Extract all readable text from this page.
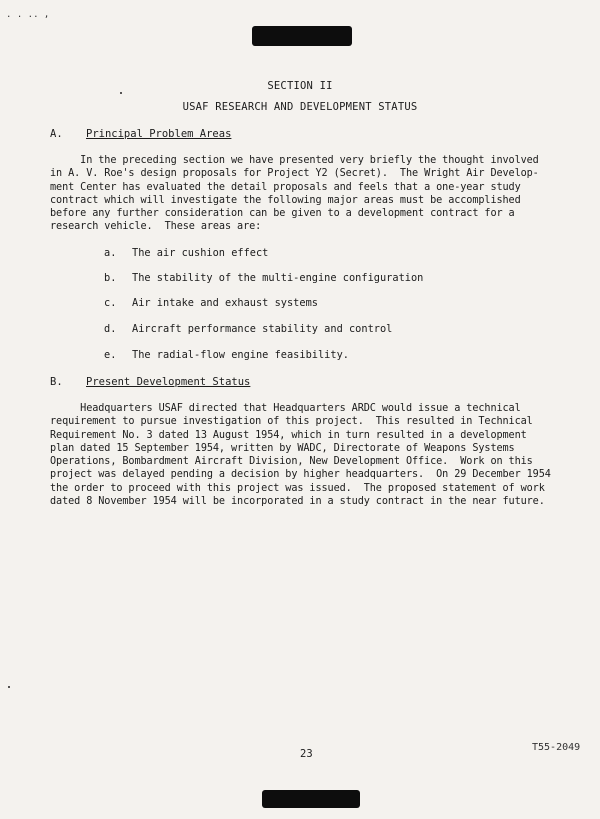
. . .. ,
SECTION II
USAF RESEARCH AND DEVELOPMENT STATUS
A. Principal Problem Areas
In the preceding section we have presented very briefly the thought involved
in A. V. Roe's design proposals for Project Y2 (Secret).  The Wright Air Develop-
ment Center has evaluated the detail proposals and feels that a one-year study
contract which will investigate the following major areas must be accomplished
before any further consideration can be given to a development contract for a
research vehicle.  These areas are:
a. The air cushion effect
b. The stability of the multi-engine configuration
c. Air intake and exhaust systems
d. Aircraft performance stability and control
e. The radial-flow engine feasibility.
B. Present Development Status
Headquarters USAF directed that Headquarters ARDC would issue a technical
requirement to pursue investigation of this project.  This resulted in Technical
Requirement No. 3 dated 13 August 1954, which in turn resulted in a development
plan dated 15 September 1954, written by WADC, Directorate of Weapons Systems
Operations, Bombardment Aircraft Division, New Development Office.  Work on this
project was delayed pending a decision by higher headquarters.  On 29 December 1954
the order to proceed with this project was issued.  The proposed statement of work
dated 8 November 1954 will be incorporated in a study contract in the near future.
23
T55-2049
